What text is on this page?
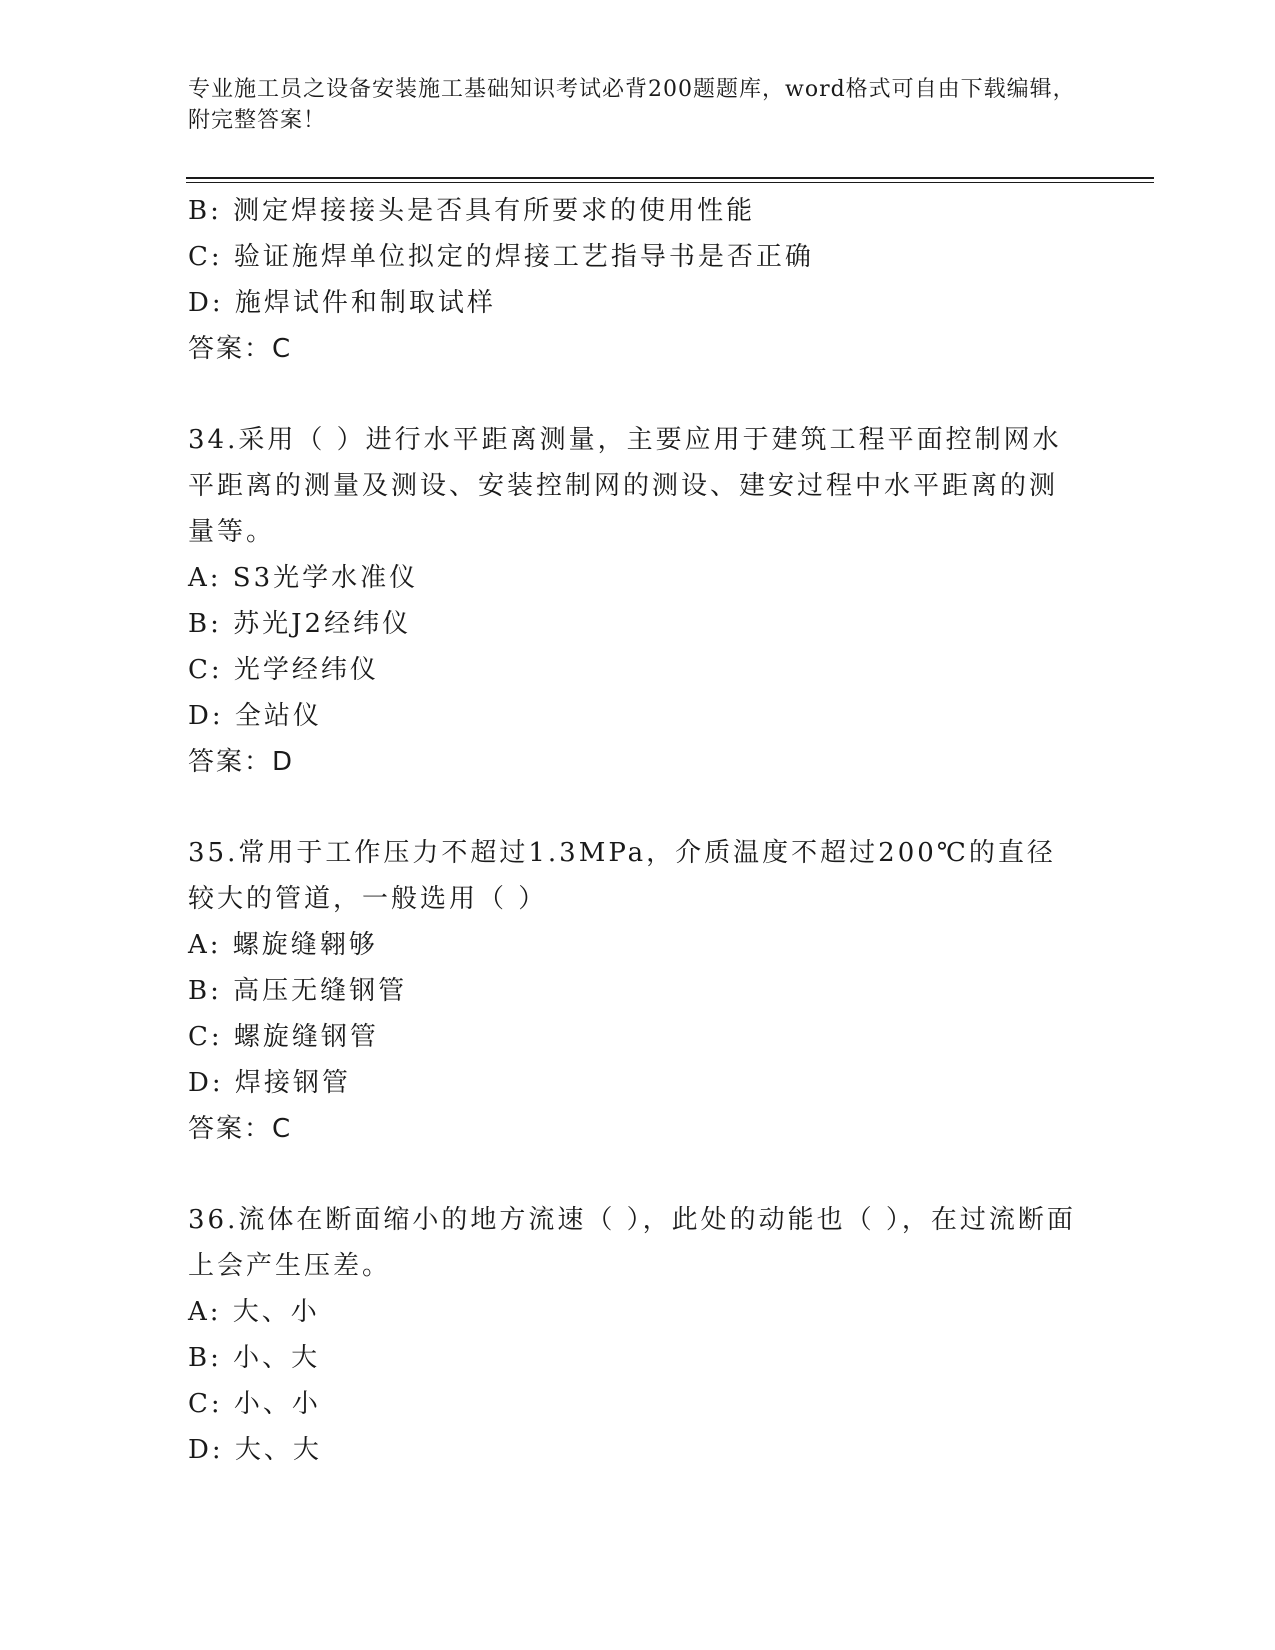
专业施工员之设备安装施工基础知识考试必背200题题库，word格式可自由下载编辑，附完整答案！

B: 测定焊接接头是否具有所要求的使用性能

C: 验证施焊单位拟定的焊接工艺指导书是否正确

D: 施焊试件和制取试样

答案：C

34.采用（ ）进行水平距离测量，主要应用于建筑工程平面控制网水平距离的测量及测设、安装控制网的测设、建安过程中水平距离的测量等。

A: S3光学水准仪

B: 苏光J2经纬仪

C: 光学经纬仪

D: 全站仪

答案：D

35.常用于工作压力不超过1.3MPa，介质温度不超过200℃的直径较大的管道，一般选用（ ）

A: 螺旋缝翱够

B: 高压无缝钢管

C: 螺旋缝钢管

D: 焊接钢管

答案：C

36.流体在断面缩小的地方流速（ ），此处的动能也（ ），在过流断面上会产生压差。

A: 大、小

B: 小、大

C: 小、小

D: 大、大
